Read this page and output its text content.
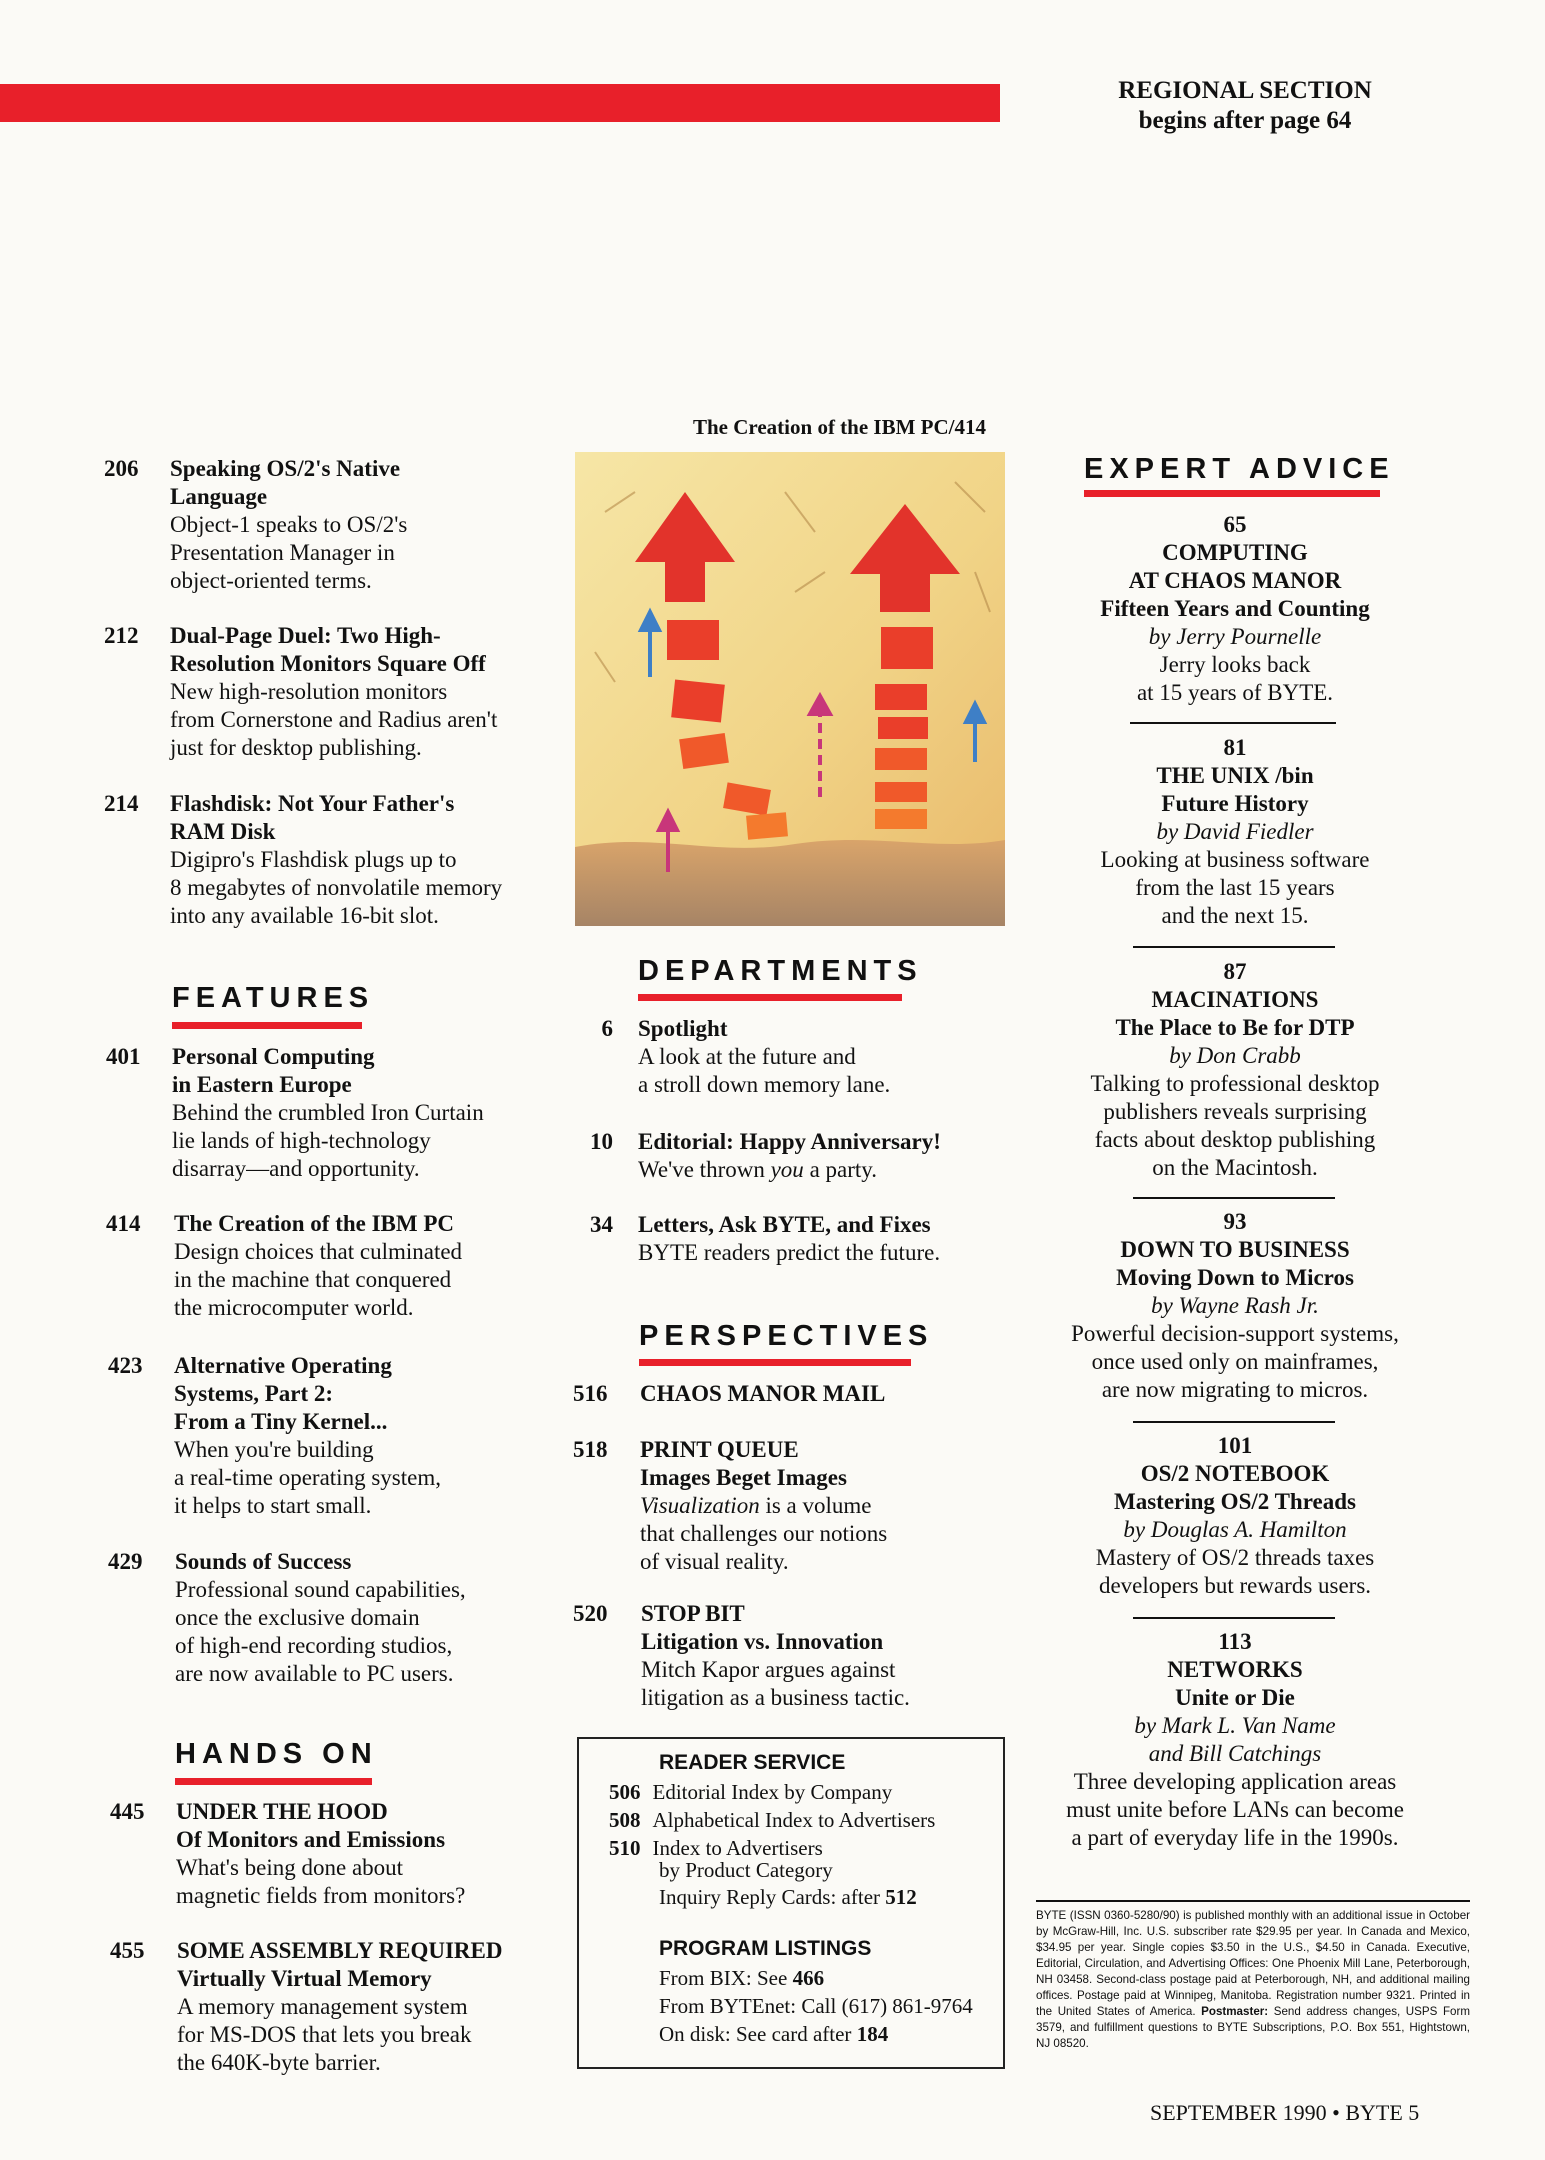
REGIONAL SECTION
begins after page 64
206	Speaking OS/2's Native
Language
Object-1 speaks to OS/2's
Presentation Manager in
object-oriented terms.
212	Dual-Page Duel: Two High-
Resolution Monitors Square Off
New high-resolution monitors
from Cornerstone and Radius aren't
just for desktop publishing.
214	Flashdisk: Not Your Father's
RAM Disk
Digipro's Flashdisk plugs up to
8 megabytes of nonvolatile memory
into any available 16-bit slot.
FEATURES
401	Personal Computing
in Eastern Europe
Behind the crumbled Iron Curtain
lie lands of high-technology
disarray—and opportunity.
414	The Creation of the IBM PC
Design choices that culminated
in the machine that conquered
the microcomputer world.
423	Alternative Operating
Systems, Part 2:
From a Tiny Kernel...
When you're building
a real-time operating system,
it helps to start small.
429	Sounds of Success
Professional sound capabilities,
once the exclusive domain
of high-end recording studios,
are now available to PC users.
HANDS ON
445	UNDER THE HOOD
Of Monitors and Emissions
What's being done about
magnetic fields from monitors?
455	SOME ASSEMBLY REQUIRED
Virtually Virtual Memory
A memory management system
for MS-DOS that lets you break
the 640K-byte barrier.
The Creation of the IBM PC/414
DEPARTMENTS
6 Spotlight
A look at the future and
a stroll down memory lane.
10 Editorial: Happy Anniversary!
We've thrown you a party.
34 Letters, Ask BYTE, and Fixes
BYTE readers predict the future.
PERSPECTIVES
516	CHAOS MANOR MAIL
518	PRINT QUEUE
Images Beget Images
Visualization is a volume
that challenges our notions
of visual reality.
520	STOP BIT
Litigation vs. Innovation
Mitch Kapor argues against
litigation as a business tactic.
READER SERVICE
506 Editorial Index by Company
508 Alphabetical Index to Advertisers
510 Index to Advertisers
by Product Category
Inquiry Reply Cards: after 512
PROGRAM LISTINGS
From BIX: See 466
From BYTEnet: Call (617) 861-9764
On disk: See card after 184
EXPERT ADVICE
65
COMPUTING
AT CHAOS MANOR
Fifteen Years and Counting
by Jerry Pournelle
Jerry looks back
at 15 years of BYTE.
81
THE UNIX /bin
Future History
by David Fiedler
Looking at business software
from the last 15 years
and the next 15.
87
MACINATIONS
The Place to Be for DTP
by Don Crabb
Talking to professional desktop
publishers reveals surprising
facts about desktop publishing
on the Macintosh.
93
DOWN TO BUSINESS
Moving Down to Micros
by Wayne Rash Jr.
Powerful decision-support systems,
once used only on mainframes,
are now migrating to micros.
101
OS/2 NOTEBOOK
Mastering OS/2 Threads
by Douglas A. Hamilton
Mastery of OS/2 threads taxes
developers but rewards users.
113
NETWORKS
Unite or Die
by Mark L. Van Name
and Bill Catchings
Three developing application areas
must unite before LANs can become
a part of everyday life in the 1990s.
BYTE (ISSN 0360-5280/90) is published monthly with an additional issue in October by McGraw-Hill, Inc. U.S. subscriber rate $29.95 per year. In Canada and Mexico, $34.95 per year. Single copies $3.50 in the U.S., $4.50 in Canada. Executive, Editorial, Circulation, and Advertising Offices: One Phoenix Mill Lane, Peterborough, NH 03458. Second-class postage paid at Peterborough, NH, and additional mailing offices. Postage paid at Winnipeg, Manitoba. Registration number 9321. Printed in the United States of America. Postmaster: Send address changes, USPS Form 3579, and fulfillment questions to BYTE Subscriptions, P.O. Box 551, Hightstown, NJ 08520.
SEPTEMBER 1990 • BYTE 5
